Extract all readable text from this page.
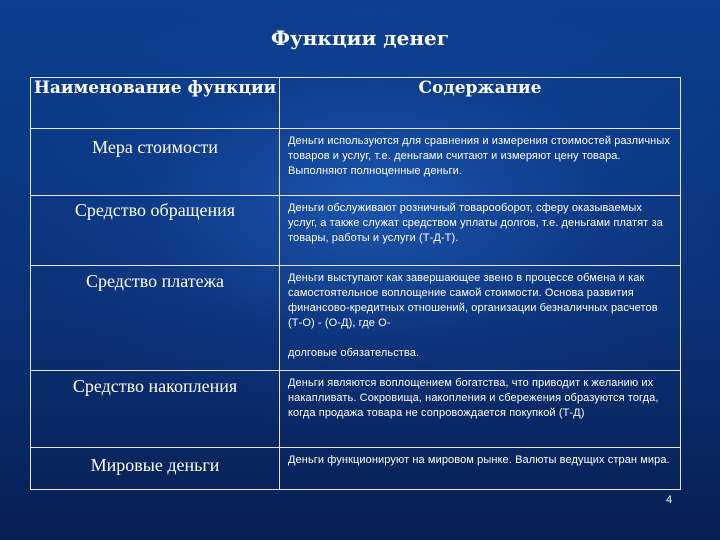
Функции денег
Наименование функции	Содержание
Мера стоимости	Деньги используются для сравнения и измерения стоимостей различных товаров и услуг, т.е. деньгами считают и измеряют цену товара. Выполняют полноценные деньги.
Средство обращения	Деньги обслуживают розничный товарооборот, сферу оказываемых услуг, а также служат средством уплаты долгов, т.е. деньгами платят за товары, работы и услуги (Т-Д-Т).
Средство платежа	Деньги выступают как завершающее звено в процессе обмена и как самостоятельное воплощение самой стоимости. Основа развития финансово-кредитных отношений, организации безналичных расчетов (Т-О) - (О-Д), где О-
долговые обязательства.

Средство накопления	Деньги являются воплощением богатства, что приводит к желанию их накапливать. Сокровища, накопления и сбережения образуются тогда, когда продажа товара не сопровождается покупкой (Т-Д)
Мировые деньги	Деньги функционируют на мировом рынке. Валюты ведущих стран мира.
4
